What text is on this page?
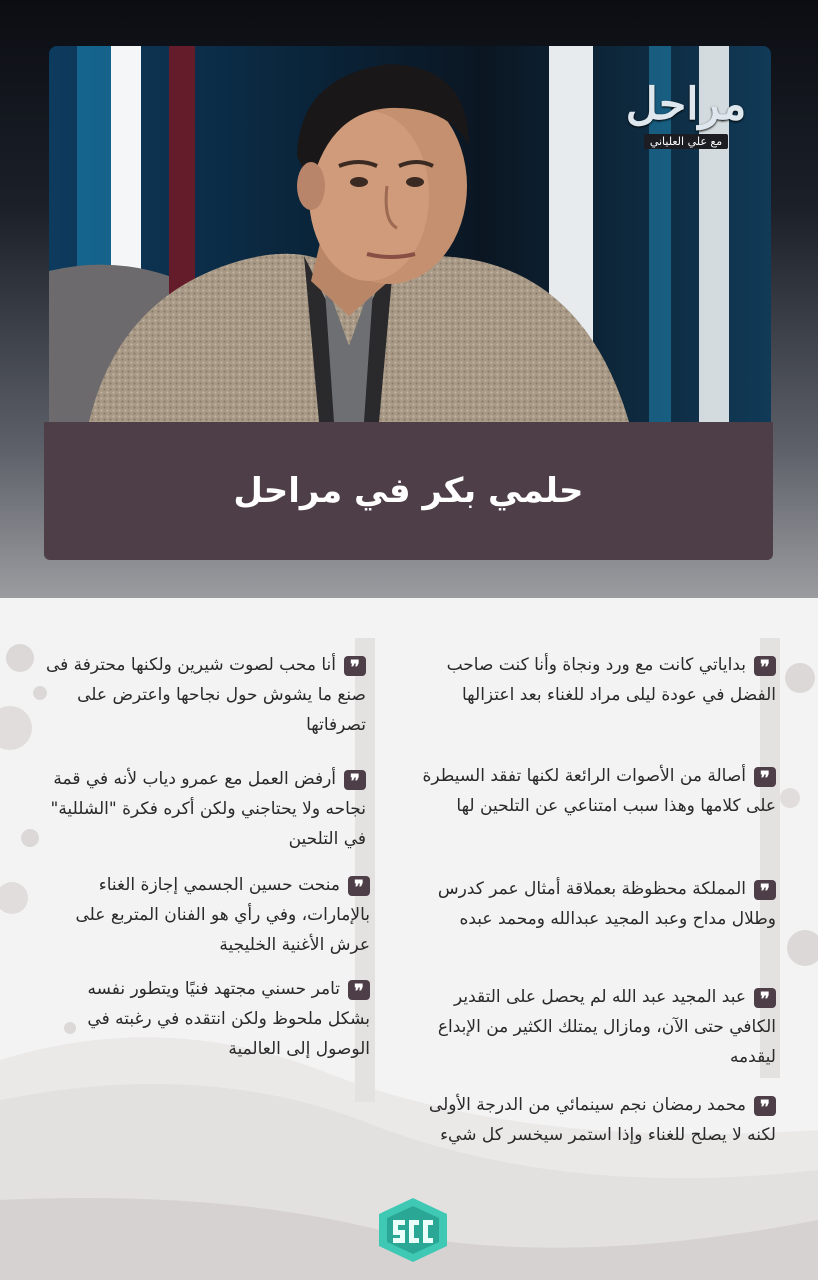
مراحل
مع علي العلياني
حلمي بكر في مراحل
❞بداياتي كانت مع ورد ونجاة وأنا كنت صاحب الفضل في عودة ليلى مراد للغناء بعد اعتزالها
❞أصالة من الأصوات الرائعة لكنها تفقد السيطرة على كلامها وهذا سبب امتناعي عن التلحين لها
❞المملكة محظوظة بعملاقة أمثال عمر كدرس وطلال مداح وعبد المجيد عبدالله ومحمد عبده
❞عبد المجيد عبد الله لم يحصل على التقدير الكافي حتى الآن، ومازال يمتلك الكثير من الإبداع ليقدمه
❞محمد رمضان نجم سينمائي من الدرجة الأولى لكنه لا يصلح للغناء وإذا استمر سيخسر كل شيء
❞أنا محب لصوت شيرين ولكنها محترفة فى صنع ما يشوش حول نجاحها واعترض على تصرفاتها
❞أرفض العمل مع عمرو دياب لأنه في قمة نجاحه ولا يحتاجني ولكن أكره فكرة "الشللية" في التلحين
❞منحت حسين الجسمي إجازة الغناء بالإمارات، وفي رأي هو الفنان المتربع على عرش الأغنية الخليجية
❞تامر حسني مجتهد فنيًا ويتطور نفسه بشكل ملحوظ ولكن انتقده في رغبته في الوصول إلى العالمية
